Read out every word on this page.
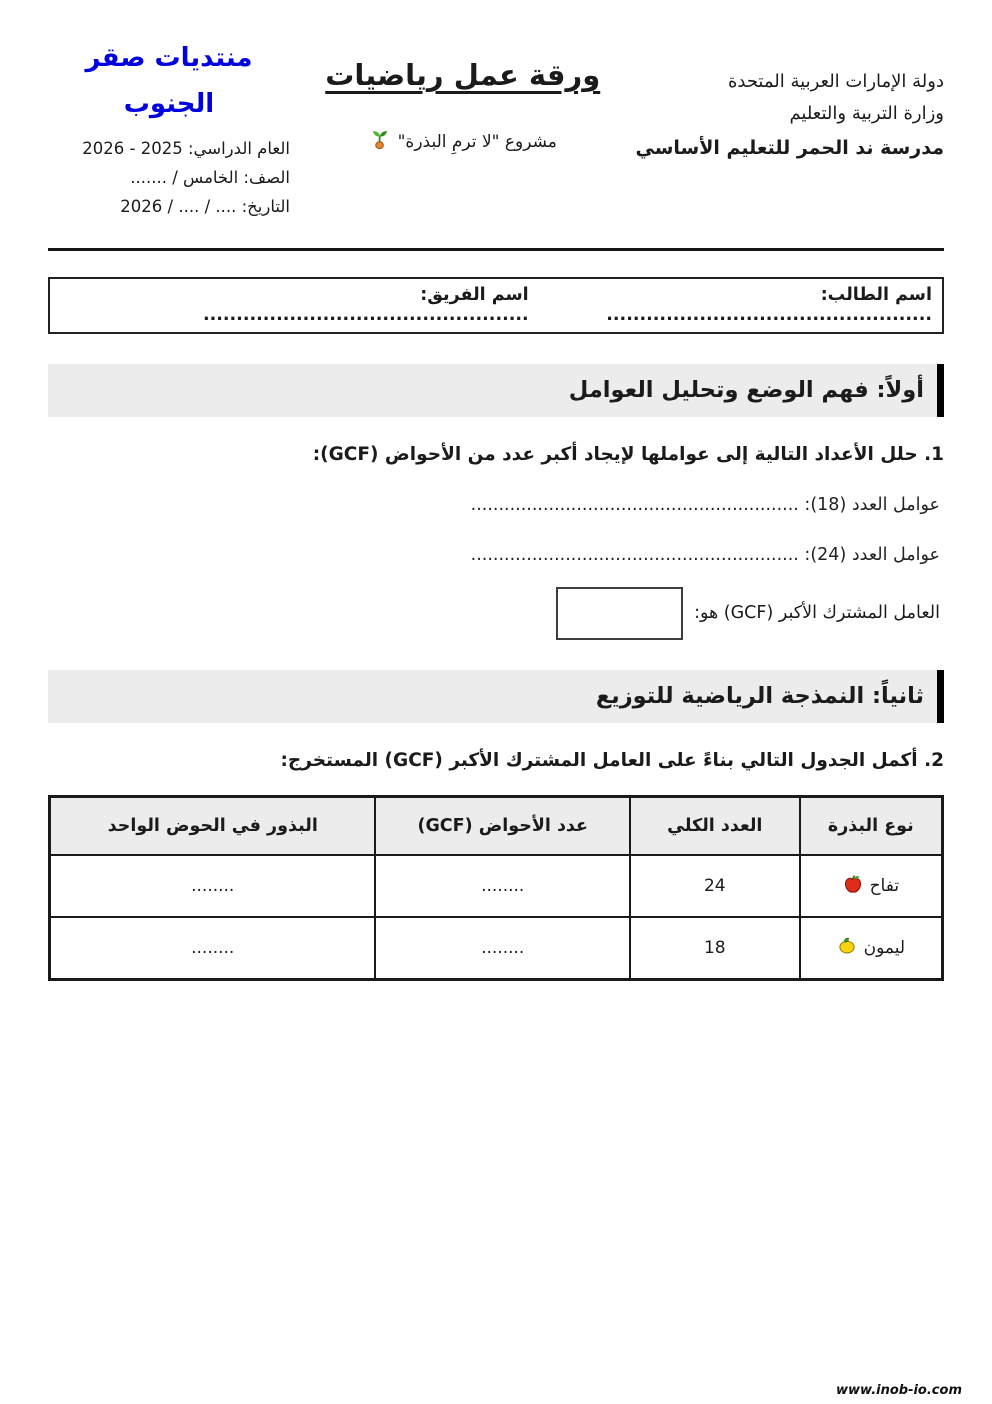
دولة الإمارات العربية المتحدة
وزارة التربية والتعليم
مدرسة ند الحمر للتعليم الأساسي
ورقة عمل رياضيات
مشروع "لا ترمِ البذرة"
منتديات صقر الجنوب
العام الدراسي: 2025 - 2026
الصف: الخامس / .......
التاريخ: .... / .... / 2026
اسم الطالب: .................................................
اسم الفريق: .................................................
أولاً: فهم الوضع وتحليل العوامل
1. حلل الأعداد التالية إلى عواملها لإيجاد أكبر عدد من الأحواض (GCF):
عوامل العدد (18): ...........................................................
عوامل العدد (24): ...........................................................
العامل المشترك الأكبر (GCF) هو:
ثانياً: النمذجة الرياضية للتوزيع
2. أكمل الجدول التالي بناءً على العامل المشترك الأكبر (GCF) المستخرج:
نوع البذرة	العدد الكلي	عدد الأحواض (GCF)	البذور في الحوض الواحد

تفاح	24	........	........

ليمون	18	........	........
www.inob-io.com
